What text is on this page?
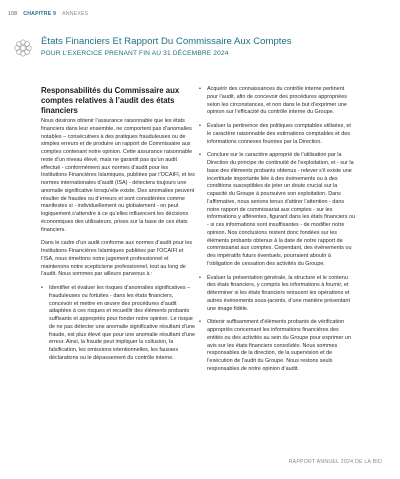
108 CHAPITRE 9 ANNEXES
États Financiers Et Rapport Du Commissaire Aux Comptes
POUR L’EXERCICE PRENANT FIN AU 31 DÉCEMBRE 2024
Responsabilités du Commissaire aux comptes relatives à l’audit des états financiers
Nous désirons obtenir l’assurance raisonnable que les états financiers dans leur ensemble, ne comportent pas d’anomalies notables – consécutives à des pratiques frauduleuses ou de simples erreurs et de produire un rapport de Commissaire aux comptes contenant notre opinion. Cette assurance raisonnable reste d’un niveau élevé, mais ne garantit pas qu’un audit effectué - conformément aux normes d’audit pour les Institutions Financières Islamiques, publiées par l’OCAIFI, et les normes internationales d’audit (ISA) - détectera toujours une anomalie significative lorsqu’elle existe. Des anomalies peuvent résulter de fraudes ou d’erreurs et sont considérées comme manifestes si - individuellement ou globalement - on peut logiquement s’attendre à ce qu’elles influencent les décisions économiques des utilisateurs, prises sur la base de ces états financiers.
Dans le cadre d’un audit conforme aux normes d’audit pour les Institutions Financières Islamiques publiées par l’OCAIFI et l’ISA, nous émettons notre jugement professionnel et maintenons notre scepticisme professionnel, tout au long de l’audit. Nous sommes par ailleurs parvenus à :
• Identifier et évaluer les risques d’anomalies significatives – frauduleuses ou fortuites - dans les états financiers, concevoir et mettre en œuvre des procédures d’audit adaptées à ces risques et recueillir des éléments probants suffisants et appropriés pour fonder notre opinion. Le risque de ne pas détecter une anomalie significative résultant d’une fraude, est plus élevé que pour une anomalie résultant d’une erreur. Ainsi, la fraude peut impliquer la collusion, la falsification, les omissions intentionnelles, les fausses déclarations ou le dépassement du contrôle interne.
• Acquérir des connaissances du contrôle interne pertinent pour l’audit, afin de concevoir des procédures appropriées selon les circonstances, et non dans le but d’exprimer une opinion sur l’efficacité du contrôle interne du Groupe.
• Évaluer la pertinence des politiques comptables utilisées, et le caractère raisonnable des estimations comptables et des informations connexes fournies par la Direction.
• Conclure sur le caractère approprié de l’utilisation par la Direction du principe de continuité de l’exploitation, et - sur la base des éléments probants obtenus - relever s’il existe une incertitude importante liée à des événements ou à des conditions susceptibles de jeter un doute crucial sur la capacité du Groupe à poursuivre son exploitation. Dans l’affirmative, nous serions tenus d’attirer l’attention - dans notre rapport de commissariat aux comptes - sur les informations y afférentes, figurant dans les états financiers ou - si ces informations sont insuffisantes - de modifier notre opinion. Nos conclusions restent donc fondées sur les éléments probants obtenus à la date de notre rapport de commissariat aux comptes. Cependant, des événements ou des impératifs futurs éventuels, pourraient aboutir à l’obligation de cessation des activités du Groupe.
• Évaluer la présentation générale, la structure et le contenu des états financiers, y compris les informations à fournir, et déterminer si les états financiers retracent les opérations et autres événements sous-jacents, d’une manière présentant une image fidèle.
• Obtenir suffisamment d’éléments probants de vérification appropriés concernant les informations financières des entités ou des activités au sein du Groupe pour exprimer un avis sur les états financiers consolidés. Nous sommes responsables de la direction, de la supervision et de l’exécution de l’audit du Groupe. Nous restons seuls responsables de notre opinion d’audit.
RAPPORT ANNUEL 2024 DE LA BID
